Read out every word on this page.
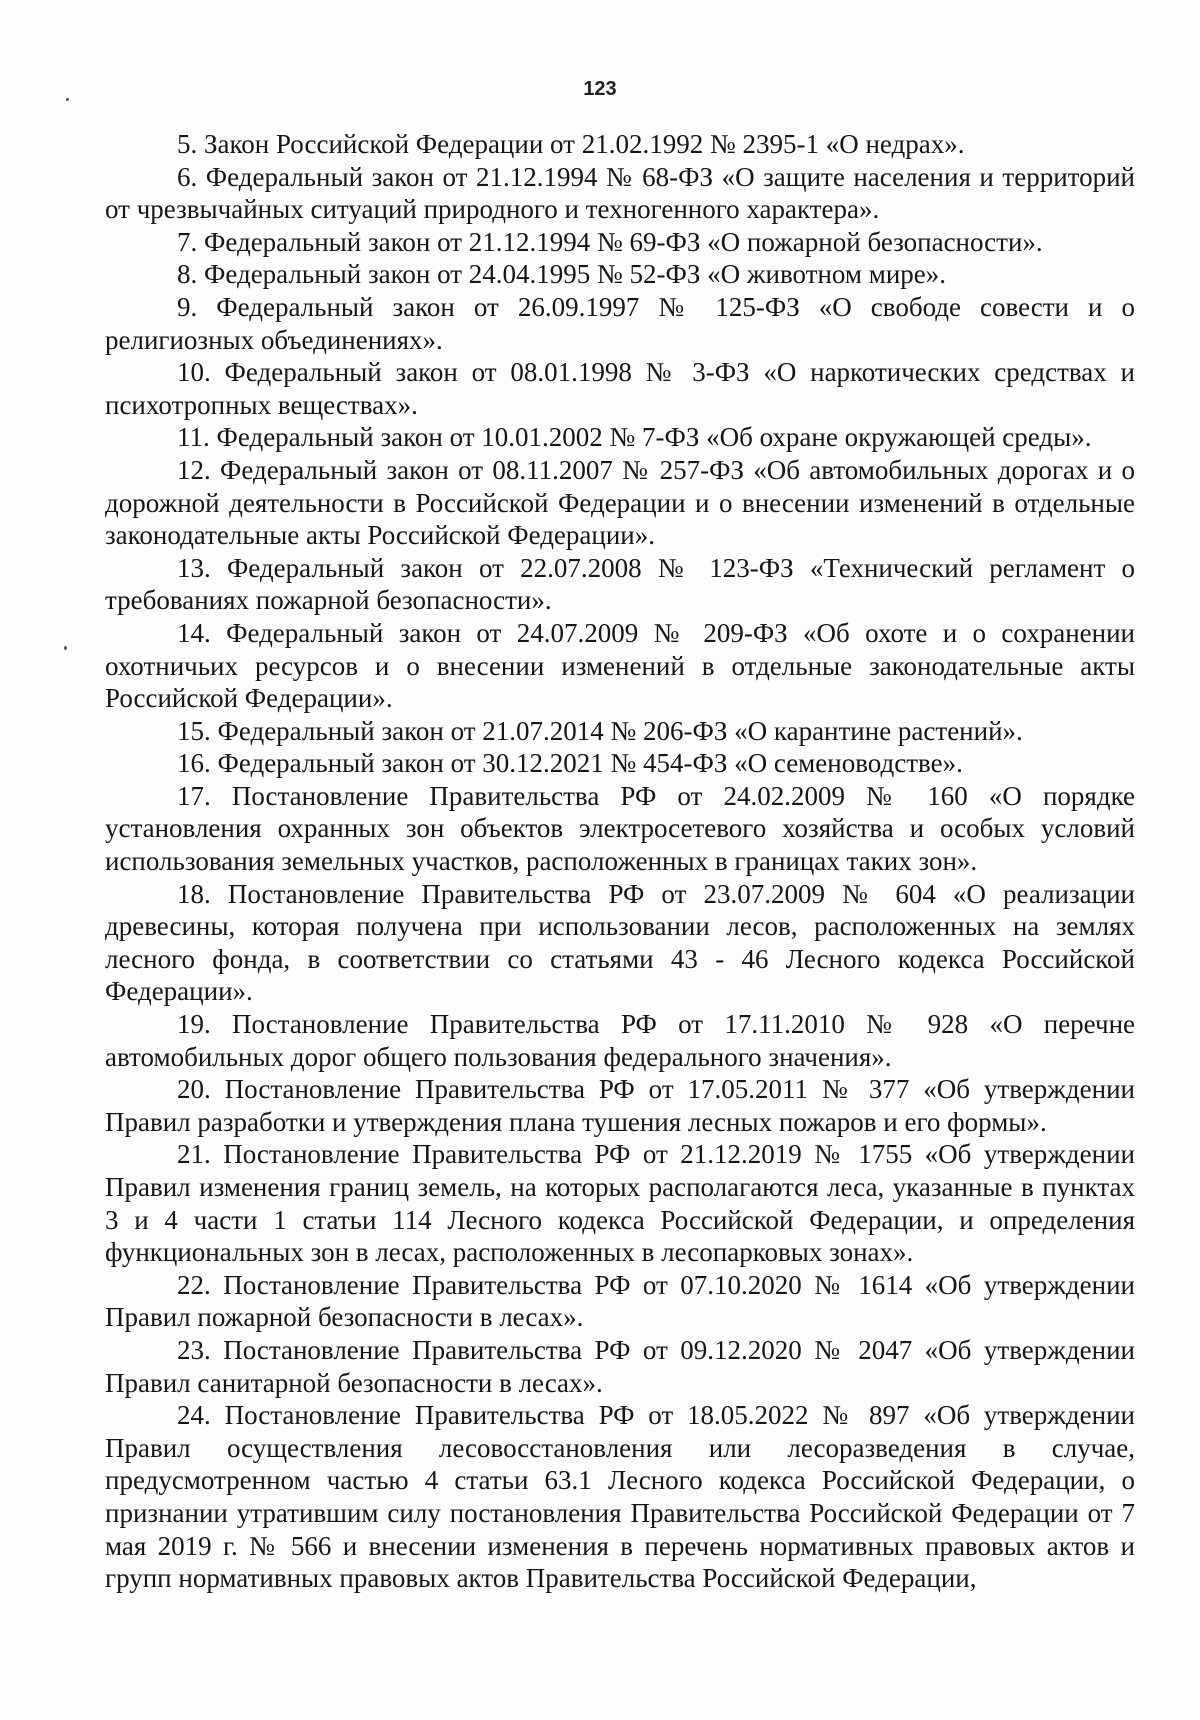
123

5. Закон Российской Федерации от 21.02.1992 № 2395-1 «О недрах».

6. Федеральный закон от 21.12.1994 № 68-ФЗ «О защите населения и территорий от чрезвычайных ситуаций природного и техногенного характера».

7. Федеральный закон от 21.12.1994 № 69-ФЗ «О пожарной безопасности».

8. Федеральный закон от 24.04.1995 № 52-ФЗ «О животном мире».

9. Федеральный закон от 26.09.1997 № 125-ФЗ «О свободе совести и о религиозных объединениях».

10. Федеральный закон от 08.01.1998 № 3-ФЗ «О наркотических средствах и психотропных веществах».

11. Федеральный закон от 10.01.2002 № 7-ФЗ «Об охране окружающей среды».

12. Федеральный закон от 08.11.2007 № 257-ФЗ «Об автомобильных дорогах и о дорожной деятельности в Российской Федерации и о внесении изменений в отдельные законодательные акты Российской Федерации».

13. Федеральный закон от 22.07.2008 № 123-ФЗ «Технический регламент о требованиях пожарной безопасности».

14. Федеральный закон от 24.07.2009 № 209-ФЗ «Об охоте и о сохранении охотничьих ресурсов и о внесении изменений в отдельные законодательные акты Российской Федерации».

15. Федеральный закон от 21.07.2014 № 206-ФЗ «О карантине растений».

16. Федеральный закон от 30.12.2021 № 454-ФЗ «О семеноводстве».

17. Постановление Правительства РФ от 24.02.2009 № 160 «О порядке установления охранных зон объектов электросетевого хозяйства и особых условий использования земельных участков, расположенных в границах таких зон».

18. Постановление Правительства РФ от 23.07.2009 № 604 «О реализации древесины, которая получена при использовании лесов, расположенных на землях лесного фонда, в соответствии со статьями 43 - 46 Лесного кодекса Российской Федерации».

19. Постановление Правительства РФ от 17.11.2010 № 928 «О перечне автомобильных дорог общего пользования федерального значения».

20. Постановление Правительства РФ от 17.05.2011 № 377 «Об утверждении Правил разработки и утверждения плана тушения лесных пожаров и его формы».

21. Постановление Правительства РФ от 21.12.2019 № 1755 «Об утверждении Правил изменения границ земель, на которых располагаются леса, указанные в пунктах 3 и 4 части 1 статьи 114 Лесного кодекса Российской Федерации, и определения функциональных зон в лесах, расположенных в лесопарковых зонах».

22. Постановление Правительства РФ от 07.10.2020 № 1614 «Об утверждении Правил пожарной безопасности в лесах».

23. Постановление Правительства РФ от 09.12.2020 № 2047 «Об утверждении Правил санитарной безопасности в лесах».

24. Постановление Правительства РФ от 18.05.2022 № 897 «Об утверждении Правил осуществления лесовосстановления или лесоразведения в случае, предусмотренном частью 4 статьи 63.1 Лесного кодекса Российской Федерации, о признании утратившим силу постановления Правительства Российской Федерации от 7 мая 2019 г. № 566 и внесении изменения в перечень нормативных правовых актов и групп нормативных правовых актов Правительства Российской Федерации,
